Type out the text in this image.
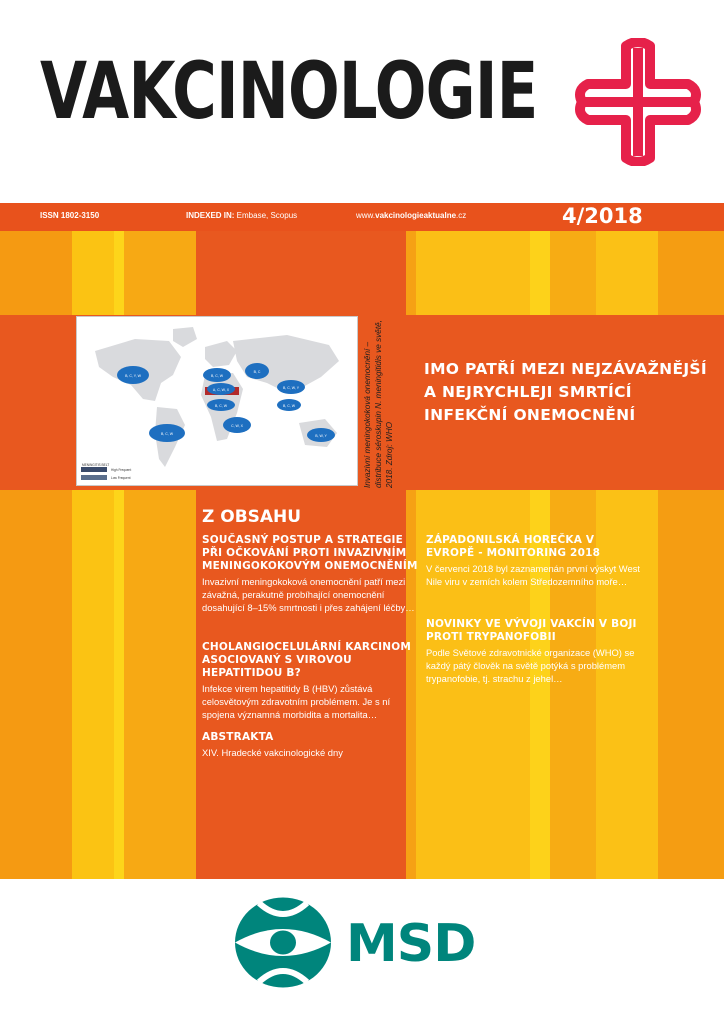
VAKCINOLOGIE
ISSN 1802-3150	INDEXED IN: Embase, Scopus	www.vakcinologieaktualne.cz	4/2018
B, C, Y, W	B, C, W
B, C
B, C, W, Y
A, C, W, X
B, C, W
C, W, X
B, C, W	B, W, Y
B, C, W
MENINGITIS BELT
High Frequent
Low Frequent	Invazivní meningokoková onemocnění – distribuce séroskupin N. meningitidis ve světě, 2018. Zdroj: WHO
IMO PATŘÍ MEZI NEJZÁVAŽNĚJŠÍ A NEJRYCHLEJI SMRTÍCÍ INFEKČNÍ ONEMOCNĚNÍ
Z OBSAHU
SOUČASNÝ POSTUP A STRATEGIE PŘI OČKOVÁNÍ PROTI INVAZIVNÍM MENINGOKOKOVÝM ONEMOCNĚNÍM
Invazivní meningokoková onemocnění patří mezi závažná, perakutně probíhající onemocnění dosahující 8–15% smrtnosti i přes zahájení léčby…
CHOLANGIOCELULÁRNÍ KARCINOM ASOCIOVANÝ S VIROVOU HEPATITIDOU B?
Infekce virem hepatitidy B (HBV) zůstává celosvětovým zdravotním problémem. Je s ní spojena významná morbidita a mortalita…
ABSTRAKTA
XIV. Hradecké vakcinologické dny
ZÁPADONILSKÁ HOREČKA V EVROPĚ - MONITORING 2018
V červenci 2018 byl zaznamenán první výskyt West Nile viru v zemích kolem Středozemního moře…
NOVINKY VE VÝVOJI VAKCÍN V BOJI PROTI TRYPANOFOBII
Podle Světové zdravotnické organizace (WHO) se každý pátý člověk na světě potýká s problémem trypanofobie, tj. strachu z jehel…
MSD
